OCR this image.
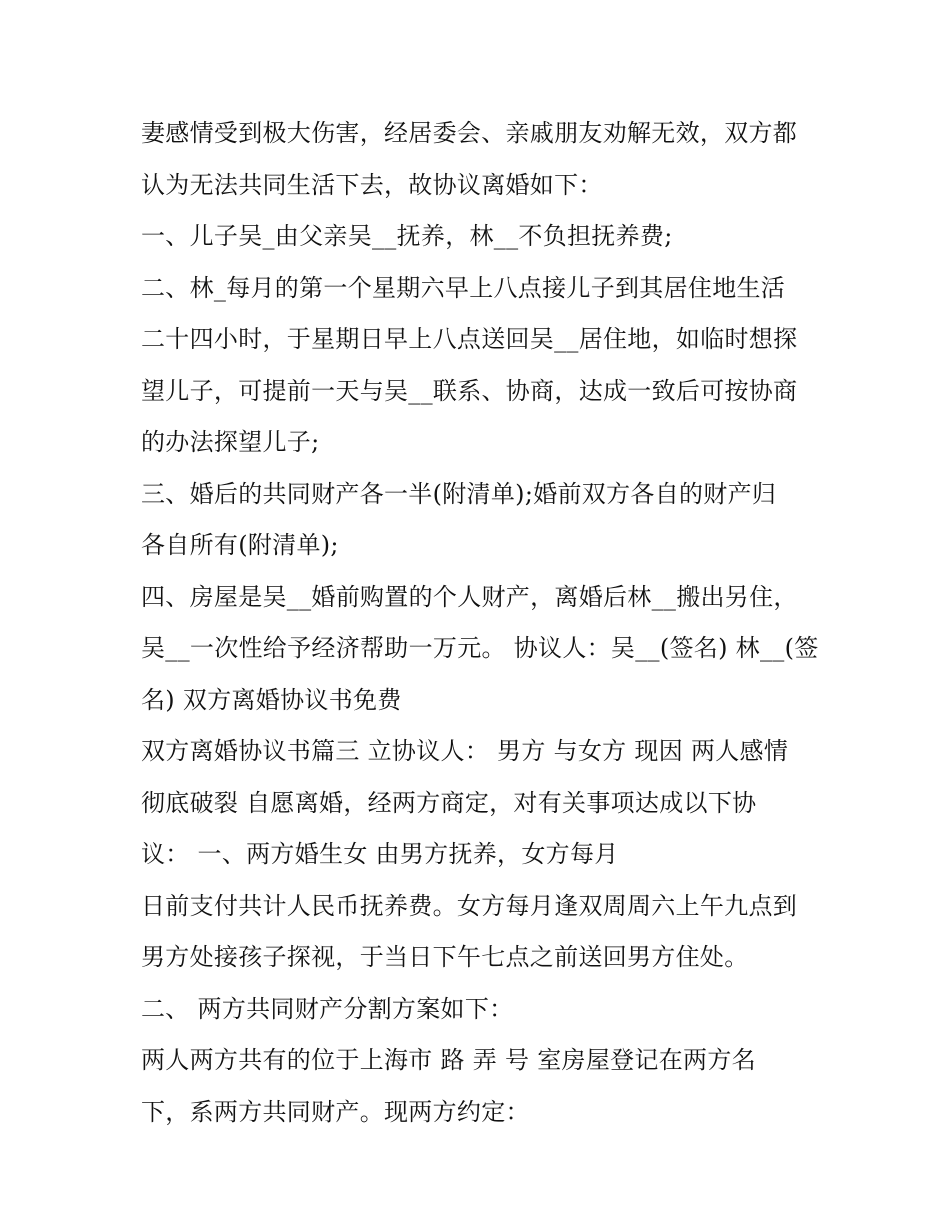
妻感情受到极大伤害，经居委会、亲戚朋友劝解无效，双方都
认为无法共同生活下去，故协议离婚如下：
一、儿子吴_由父亲吴__抚养，林__不负担抚养费;
二、林_每月的第一个星期六早上八点接儿子到其居住地生活
二十四小时，于星期日早上八点送回吴__居住地，如临时想探
望儿子，可提前一天与吴__联系、协商，达成一致后可按协商
的办法探望儿子;
三、婚后的共同财产各一半(附清单);婚前双方各自的财产归
各自所有(附清单);
四、房屋是吴__婚前购置的个人财产，离婚后林__搬出另住，
吴__一次性给予经济帮助一万元。 协议人：吴__(签名) 林__(签
名) 双方离婚协议书免费
双方离婚协议书篇三 立协议人： 男方 与女方 现因 两人感情
彻底破裂 自愿离婚，经两方商定，对有关事项达成以下协
议： 一、两方婚生女 由男方抚养，女方每月
日前支付共计人民币抚养费。女方每月逢双周周六上午九点到
男方处接孩子探视，于当日下午七点之前送回男方住处。
二、 两方共同财产分割方案如下：
两人两方共有的位于上海市 路 弄 号 室房屋登记在两方名
下，系两方共同财产。现两方约定：
